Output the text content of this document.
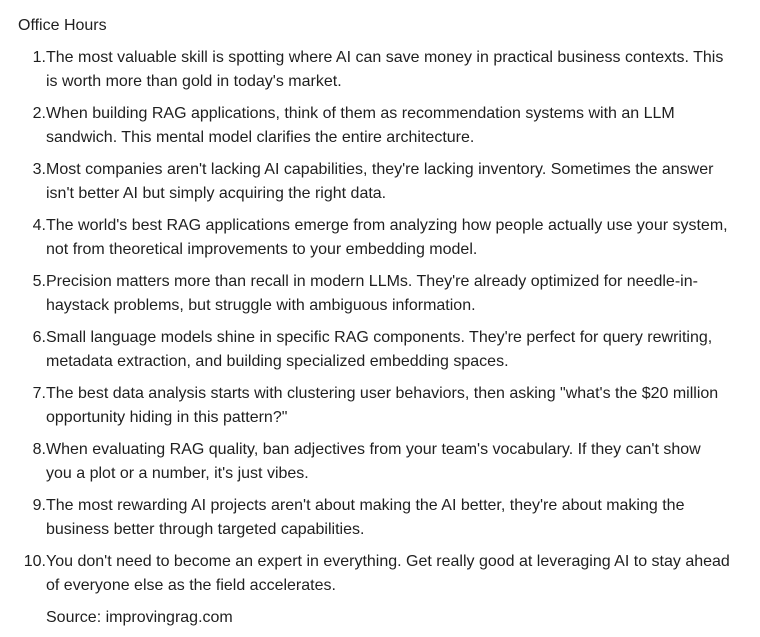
Office Hours
1. The most valuable skill is spotting where AI can save money in practical business contexts. This is worth more than gold in today's market.
2. When building RAG applications, think of them as recommendation systems with an LLM sandwich. This mental model clarifies the entire architecture.
3. Most companies aren't lacking AI capabilities, they're lacking inventory. Sometimes the answer isn't better AI but simply acquiring the right data.
4. The world's best RAG applications emerge from analyzing how people actually use your system, not from theoretical improvements to your embedding model.
5. Precision matters more than recall in modern LLMs. They're already optimized for needle-in-haystack problems, but struggle with ambiguous information.
6. Small language models shine in specific RAG components. They're perfect for query rewriting, metadata extraction, and building specialized embedding spaces.
7. The best data analysis starts with clustering user behaviors, then asking "what's the $20 million opportunity hiding in this pattern?"
8. When evaluating RAG quality, ban adjectives from your team's vocabulary. If they can't show you a plot or a number, it's just vibes.
9. The most rewarding AI projects aren't about making the AI better, they're about making the business better through targeted capabilities.
10. You don't need to become an expert in everything. Get really good at leveraging AI to stay ahead of everyone else as the field accelerates.
Source: improvingrag.com
